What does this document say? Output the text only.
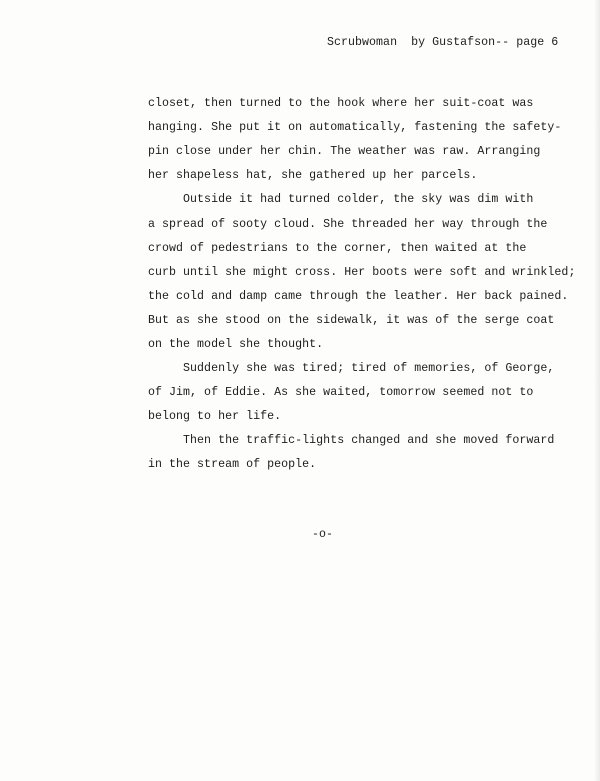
Scrubwoman  by Gustafson-- page 6
closet, then turned to the hook where her suit-coat was
hanging. She put it on automatically, fastening the safety-
pin close under her chin. The weather was raw. Arranging
her shapeless hat, she gathered up her parcels.
Outside it had turned colder, the sky was dim with
a spread of sooty cloud. She threaded her way through the
crowd of pedestrians to the corner, then waited at the
curb until she might cross. Her boots were soft and wrinkled;
the cold and damp came through the leather. Her back pained.
But as she stood on the sidewalk, it was of the serge coat
on the model she thought.
Suddenly she was tired; tired of memories, of George,
of Jim, of Eddie. As she waited, tomorrow seemed not to
belong to her life.
Then the traffic-lights changed and she moved forward
in the stream of people.
-o-
